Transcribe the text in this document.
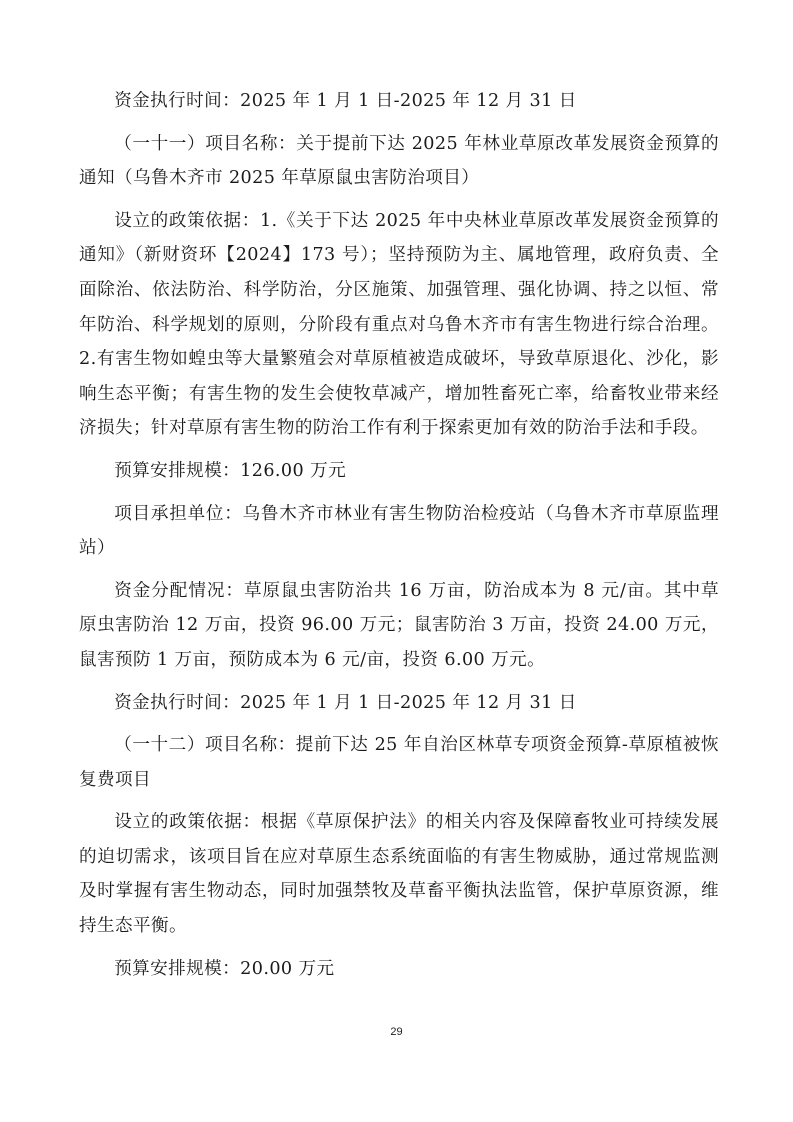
资金执行时间：2025 年 1 月 1 日-2025 年 12 月 31 日

（一十一）项目名称：关于提前下达 2025 年林业草原改革发展资金预算的通知（乌鲁木齐市 2025 年草原鼠虫害防治项目）

设立的政策依据：1.《关于下达 2025 年中央林业草原改革发展资金预算的通知》（新财资环【2024】173 号）；坚持预防为主、属地管理，政府负责、全面除治、依法防治、科学防治，分区施策、加强管理、强化协调、持之以恒、常年防治、科学规划的原则，分阶段有重点对乌鲁木齐市有害生物进行综合治理。 2.有害生物如蝗虫等大量繁殖会对草原植被造成破坏，导致草原退化、沙化，影响生态平衡；有害生物的发生会使牧草减产，增加牲畜死亡率，给畜牧业带来经济损失；针对草原有害生物的防治工作有利于探索更加有效的防治手法和手段。

预算安排规模：126.00 万元

项目承担单位：乌鲁木齐市林业有害生物防治检疫站（乌鲁木齐市草原监理站）

资金分配情况：草原鼠虫害防治共 16 万亩，防治成本为 8 元/亩。其中草原虫害防治 12 万亩，投资 96.00 万元；鼠害防治 3 万亩，投资 24.00 万元，鼠害预防 1 万亩，预防成本为 6 元/亩，投资 6.00 万元。

资金执行时间：2025 年 1 月 1 日-2025 年 12 月 31 日

（一十二）项目名称：提前下达 25 年自治区林草专项资金预算-草原植被恢复费项目

设立的政策依据：根据《草原保护法》的相关内容及保障畜牧业可持续发展的迫切需求，该项目旨在应对草原生态系统面临的有害生物威胁，通过常规监测及时掌握有害生物动态，同时加强禁牧及草畜平衡执法监管，保护草原资源，维持生态平衡。

预算安排规模：20.00 万元

29
